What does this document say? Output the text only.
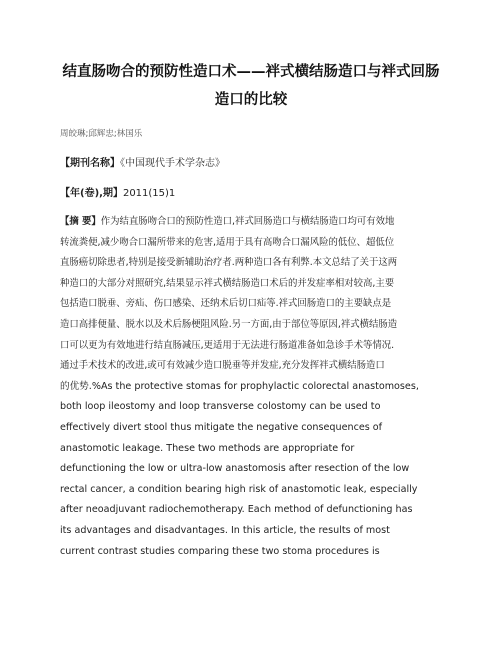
结直肠吻合的预防性造口术——袢式横结肠造口与袢式回肠
造口的比较
周皎琳;邱辉忠;林国乐
【期刊名称】《中国现代手术学杂志》
【年(卷),期】2011(15)1
【摘 要】作为结直肠吻合口的预防性造口,袢式回肠造口与横结肠造口均可有效地
转流粪便,减少吻合口漏所带来的危害,适用于具有高吻合口漏风险的低位、超低位
直肠癌切除患者,特别是接受新辅助治疗者.两种造口各有利弊.本文总结了关于这两
种造口的大部分对照研究,结果显示袢式横结肠造口术后的并发症率相对较高,主要
包括造口脱垂、旁疝、伤口感染、还纳术后切口疝等.袢式回肠造口的主要缺点是
造口高排便量、脱水以及术后肠梗阻风险.另一方面,由于部位等原因,袢式横结肠造
口可以更为有效地进行结直肠减压,更适用于无法进行肠道准备如急诊手术等情况.
通过手术技术的改进,或可有效减少造口脱垂等并发症,充分发挥袢式横结肠造口
的优势.%As the protective stomas for prophylactic colorectal anastomoses,
both loop ileostomy and loop transverse colostomy can be used to
effectively divert stool thus mitigate the negative consequences of
anastomotic leakage. These two methods are appropriate for
defunctioning the low or ultra-low anastomosis after resection of the low
rectal cancer, a condition bearing high risk of anastomotic leak, especially
after neoadjuvant radiochemotherapy. Each method of defunctioning has
its advantages and disadvantages. In this article, the results of most
current contrast studies comparing these two stoma procedures is
